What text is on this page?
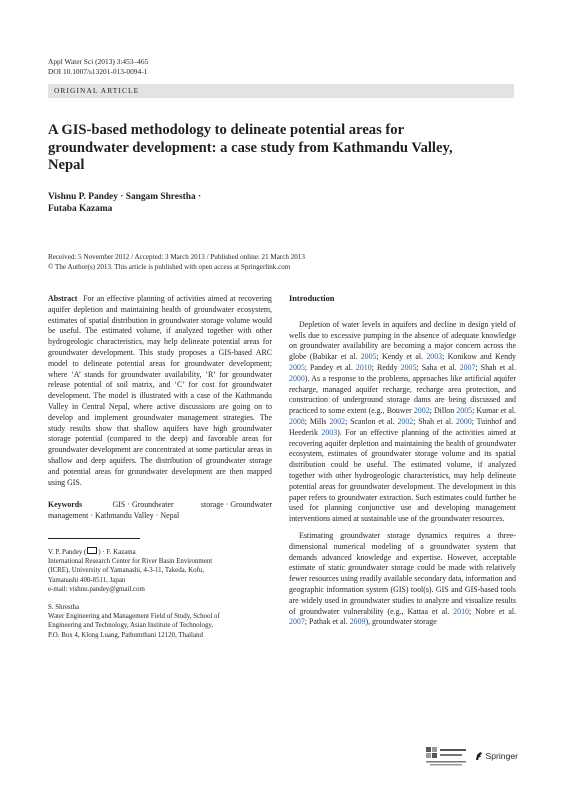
Appl Water Sci (2013) 3:453–465
DOI 10.1007/s13201-013-0094-1
ORIGINAL ARTICLE
A GIS-based methodology to delineate potential areas for groundwater development: a case study from Kathmandu Valley, Nepal
Vishnu P. Pandey · Sangam Shrestha ·
Futaba Kazama
Received: 5 November 2012 / Accepted: 3 March 2013 / Published online: 21 March 2013
© The Author(s) 2013. This article is published with open access at Springerlink.com

Abstract For an effective planning of activities aimed at recovering aquifer depletion and maintaining health of groundwater ecosystem, estimates of spatial distribution in groundwater storage volume would be useful. The estimated volume, if analyzed together with other hydrogeologic characteristics, may help delineate potential areas for groundwater development. This study proposes a GIS-based ARC model to delineate potential areas for groundwater development; where ‘A’ stands for groundwater availability, ‘R’ for groundwater release potential of soil matrix, and ‘C’ for cost for groundwater development. The model is illustrated with a case of the Kathmandu Valley in Central Nepal, where active discussions are going on to develop and implement groundwater management strategies. The study results show that shallow aquifers have high groundwater storage potential (compared to the deep) and favorable areas for groundwater development are concentrated at some particular areas in shallow and deep aquifers. The distribution of groundwater storage and potential areas for groundwater development are then mapped using GIS.

Keywords	GIS · Groundwater storage · Groundwater management · Kathmandu Valley · Nepal

V. P. Pandey ( ) · F. Kazama
International Research Center for River Basin Environment
(ICRE), University of Yamanashi, 4-3-11, Takeda, Kofu,
Yamanashi 400-8511, Japan
e-mail: vishnu.pandey@gmail.com
S. Shrestha
Water Engineering and Management Field of Study, School of
Engineering and Technology, Asian Institute of Technology,
P.O. Box 4, Klong Luang, Pathumthani 12120, Thailand

Introduction

Depletion of water levels in aquifers and decline in design yield of wells due to excessive pumping in the absence of adequate knowledge on groundwater availability are becoming a major concern across the globe (Babikar et al. 2005; Kendy et al. 2003; Konikow and Kendy 2005; Pandey et al. 2010; Reddy 2005; Saha et al. 2007; Shah et al. 2000). As a response to the problems, approaches like artificial aquifer recharge, managed aquifer recharge, recharge area protection, and construction of underground storage dams are being discussed and practiced to some extent (e.g., Bouwer 2002; Dillon 2005; Kumar et al. 2008; Mills 2002; Scanlon et al. 2002; Shah et al. 2000; Tuinhof and Heederik 2003). For an effective planning of the activities aimed at recovering aquifer depletion and maintaining the health of groundwater ecosystem, estimates of groundwater storage volume and its spatial distribution could be useful. The estimated volume, if analyzed together with other hydrogeologic characteristics, may help delineate potential areas for groundwater development. The development in this paper refers to groundwater extraction. Such estimates could further be used for planning conjunctive use and developing management interventions aimed at sustainable use of the groundwater resources.

Estimating groundwater storage dynamics requires a three-dimensional numerical modeling of a groundwater system that demands advanced knowledge and expertise. However, acceptable estimate of static groundwater storage could be made with relatively fewer resources using readily available secondary data, information and geographic information system (GIS) tool(s). GIS and GIS-based tools are widely used in groundwater studies to analyze and visualize results of groundwater vulnerability (e.g., Kattaa et al. 2010; Nobre et al. 2007; Pathak et al. 2009), groundwater storage

Springer
